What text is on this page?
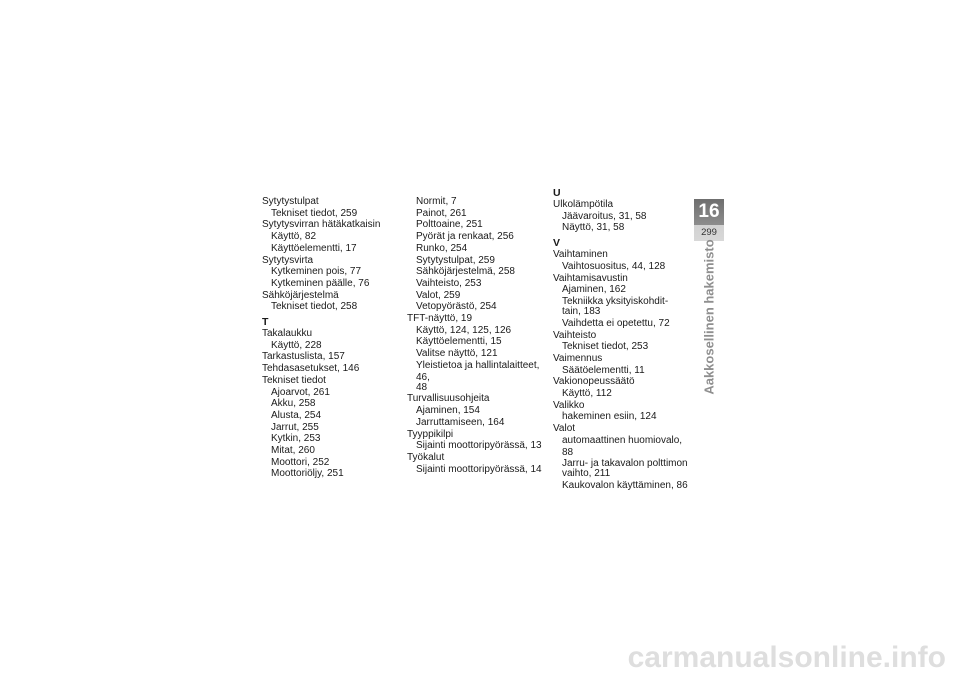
Sytytystulpat
Tekniset tiedot, 259
Sytytysvirran hätäkatkaisin
Käyttö, 82
Käyttöelementti, 17
Sytytysvirta
Kytkeminen pois, 77
Kytkeminen päälle, 76
Sähköjärjestelmä
Tekniset tiedot, 258
T
Takalaukku
Käyttö, 228
Tarkastuslista, 157
Tehdasasetukset, 146
Tekniset tiedot
Ajoarvot, 261
Akku, 258
Alusta, 254
Jarrut, 255
Kytkin, 253
Mitat, 260
Moottori, 252
Moottoriöljy, 251
Normit, 7
Painot, 261
Polttoaine, 251
Pyörät ja renkaat, 256
Runko, 254
Sytytystulpat, 259
Sähköjärjestelmä, 258
Vaihteisto, 253
Valot, 259
Vetopyörästö, 254
TFT-näyttö, 19
Käyttö, 124, 125, 126
Käyttöelementti, 15
Valitse näyttö, 121
Yleistietoa ja hallintalaitteet, 46,
48
Turvallisuusohjeita
Ajaminen, 154
Jarruttamiseen, 164
Tyyppikilpi
Sijainti moottoripyörässä, 13
Työkalut
Sijainti moottoripyörässä, 14
U
Ulkolämpötila
Jäävaroitus, 31, 58
Näyttö, 31, 58
V
Vaihtaminen
Vaihtosuositus, 44, 128
Vaihtamisavustin
Ajaminen, 162
Tekniikka yksityiskohdit-
tain, 183
Vaihdetta ei opetettu, 72
Vaihteisto
Tekniset tiedot, 253
Vaimennus
Säätöelementti, 11
Vakionopeussäätö
Käyttö, 112
Valikko
hakeminen esiin, 124
Valot
automaattinen huomiovalo, 88
Jarru- ja takavalon polttimon
vaihto, 211
Kaukovalon käyttäminen, 86
16
299
Aakkosellinen hakemisto
carmanualsonline.info
